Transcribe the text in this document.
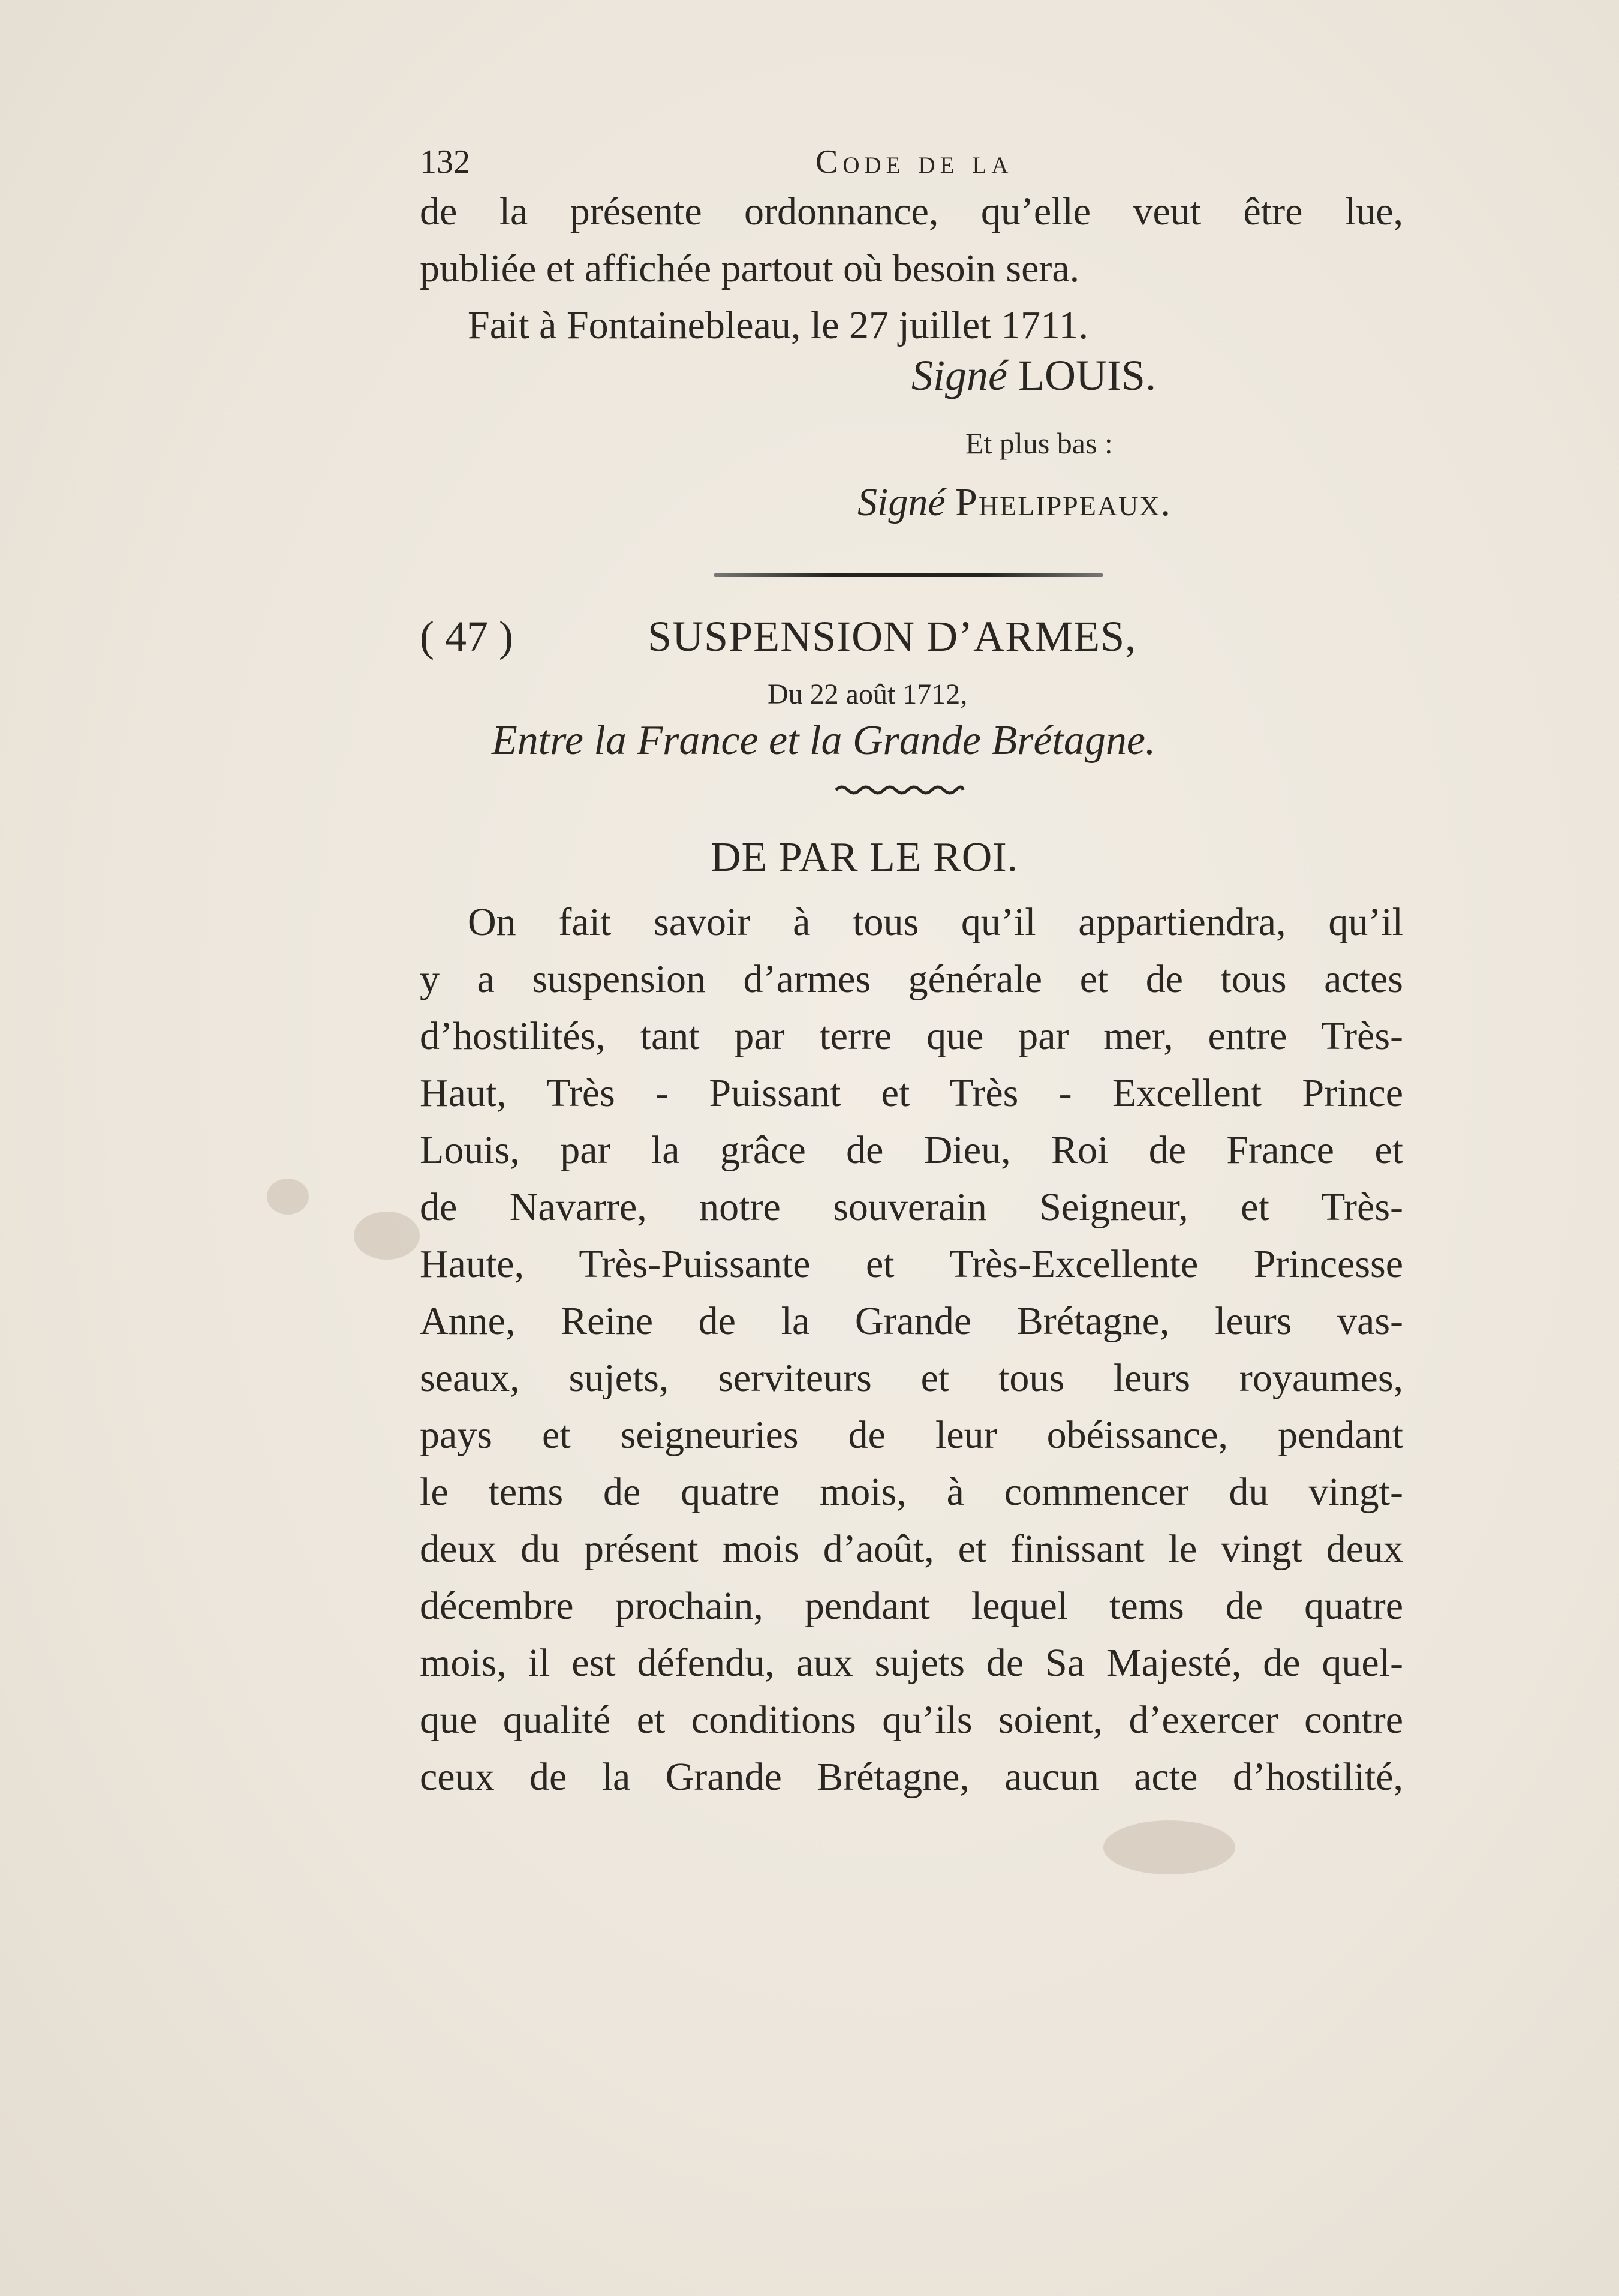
132	Code de la
de la présente ordonnance, qu’elle veut être lue,
publiée et affichée partout où besoin sera.
Fait à Fontainebleau, le 27 juillet 1711.
Signé LOUIS.
Et plus bas :
Signé Phelippeaux.
( 47 )	SUSPENSION D’ARMES,
Du 22 août 1712,
Entre la France et la Grande Brétagne.
DE PAR LE ROI.
On fait savoir à tous qu’il appartiendra, qu’il
y a suspension d’armes générale et de tous actes
d’hostilités, tant par terre que par mer, entre Très-
Haut, Très - Puissant et Très - Excellent Prince
Louis, par la grâce de Dieu, Roi de France et
de Navarre, notre souverain Seigneur, et Très-
Haute, Très-Puissante et Très-Excellente Princesse
Anne, Reine de la Grande Brétagne, leurs vas-
seaux, sujets, serviteurs et tous leurs royaumes,
pays et seigneuries de leur obéissance, pendant
le tems de quatre mois, à commencer du vingt-
deux du présent mois d’août, et finissant le vingt deux
décembre prochain, pendant lequel tems de quatre
mois, il est défendu, aux sujets de Sa Majesté, de quel-
que qualité et conditions qu’ils soient, d’exercer contre
ceux de la Grande Brétagne, aucun acte d’hostilité,
